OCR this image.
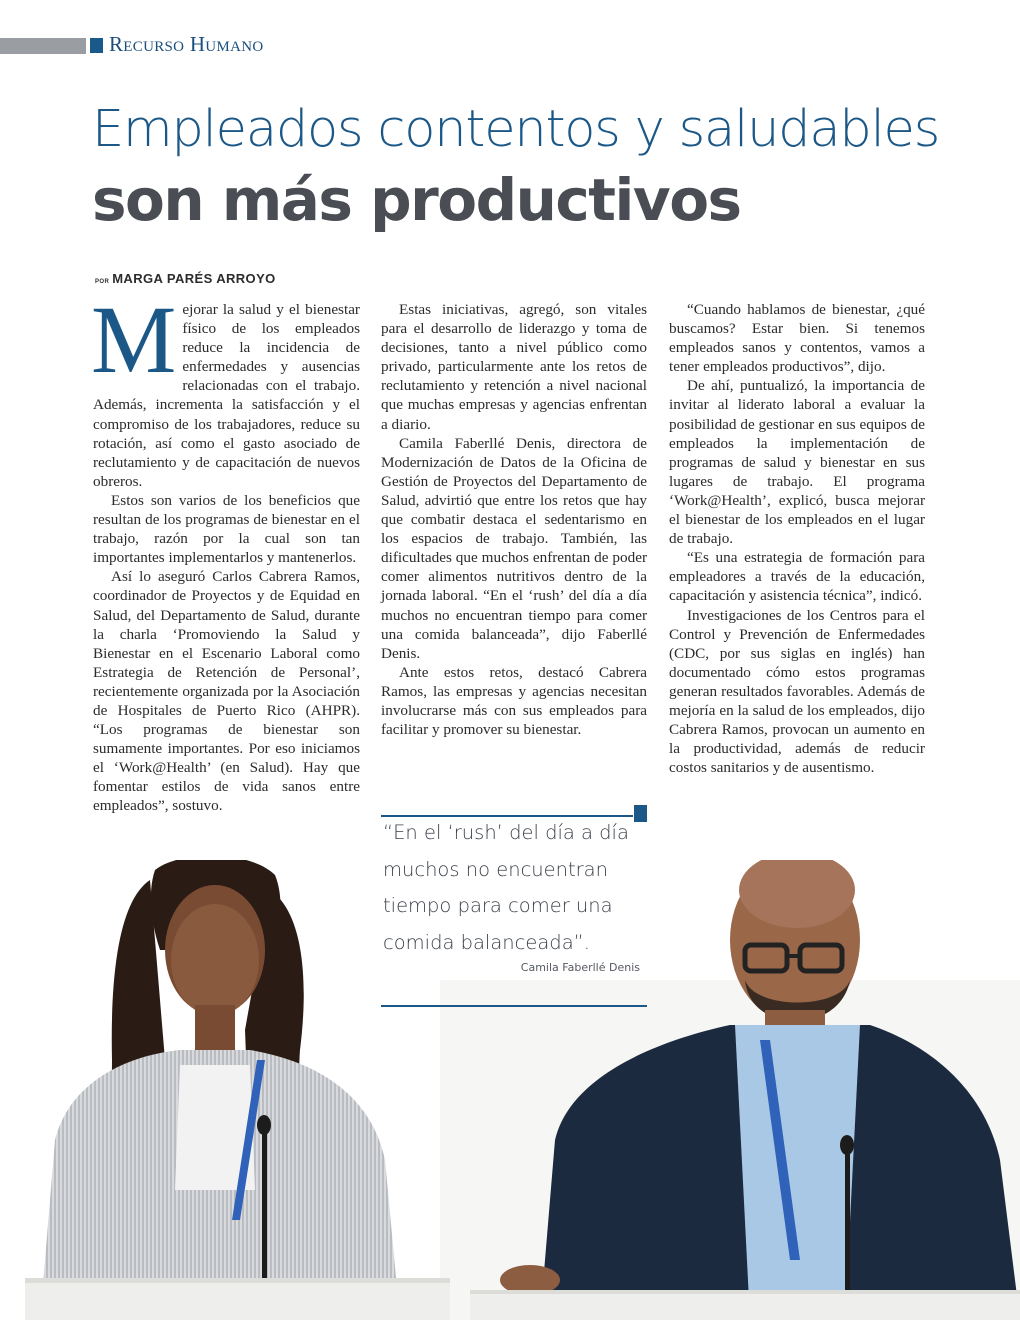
Recurso Humano
Empleados contentos y saludables
son más productivos
por MARGA PARÉS ARROYO

Mejorar la salud y el bienestar físico de los empleados reduce la incidencia de enfermedades y ausencias relacionadas con el trabajo. Además, incrementa la satisfacción y el compromiso de los trabajadores, reduce su rotación, así como el gasto asociado de reclutamiento y de capacitación de nuevos obreros.

Estos son varios de los beneficios que resultan de los programas de bienestar en el trabajo, razón por la cual son tan importantes implementarlos y mantenerlos.

Así lo aseguró Carlos Cabrera Ramos, coordinador de Proyectos y de Equidad en Salud, del Departamento de Salud, durante la charla ‘Promoviendo la Salud y Bienestar en el Escenario Laboral como Estrategia de Retención de Personal’, recientemente organizada por la Asociación de Hospitales de Puerto Rico (AHPR). “Los programas de bienestar son sumamente importantes. Por eso iniciamos el ‘Work@Health’ (en Salud). Hay que fomentar estilos de vida sanos entre empleados”, sostuvo.

Estas iniciativas, agregó, son vitales para el desarrollo de liderazgo y toma de decisiones, tanto a nivel público como privado, particularmente ante los retos de reclutamiento y retención a nivel nacional que muchas empresas y agencias enfrentan a diario.

Camila Faberllé Denis, directora de Modernización de Datos de la Oficina de Gestión de Proyectos del Departamento de Salud, advirtió que entre los retos que hay que combatir destaca el sedentarismo en los espacios de trabajo. También, las dificultades que muchos enfrentan de poder comer alimentos nutritivos dentro de la jornada laboral. “En el ‘rush’ del día a día muchos no encuentran tiempo para comer una comida balanceada”, dijo Faberllé Denis.

Ante estos retos, destacó Cabrera Ramos, las empresas y agencias necesitan involucrarse más con sus empleados para facilitar y promover su bienestar.

“Cuando hablamos de bienestar, ¿qué buscamos? Estar bien. Si tenemos empleados sanos y contentos, vamos a tener empleados productivos”, dijo.

De ahí, puntualizó, la importancia de invitar al liderato laboral a evaluar la posibilidad de gestionar en sus equipos de empleados la implementación de programas de salud y bienestar en sus lugares de trabajo. El programa ‘Work@Health’, explicó, busca mejorar el bienestar de los empleados en el lugar de trabajo.

“Es una estrategia de formación para empleadores a través de la educación, capacitación y asistencia técnica”, indicó.

Investigaciones de los Centros para el Control y Prevención de Enfermedades (CDC, por sus siglas en inglés) han documentado cómo estos programas generan resultados favorables. Además de mejoría en la salud de los empleados, dijo Cabrera Ramos, provocan un aumento en la productividad, además de reducir costos sanitarios y de ausentismo.

“En el ‘rush’ del día a día
muchos no encuentran
tiempo para comer una
comida balanceada”.
Camila Faberllé Denis
